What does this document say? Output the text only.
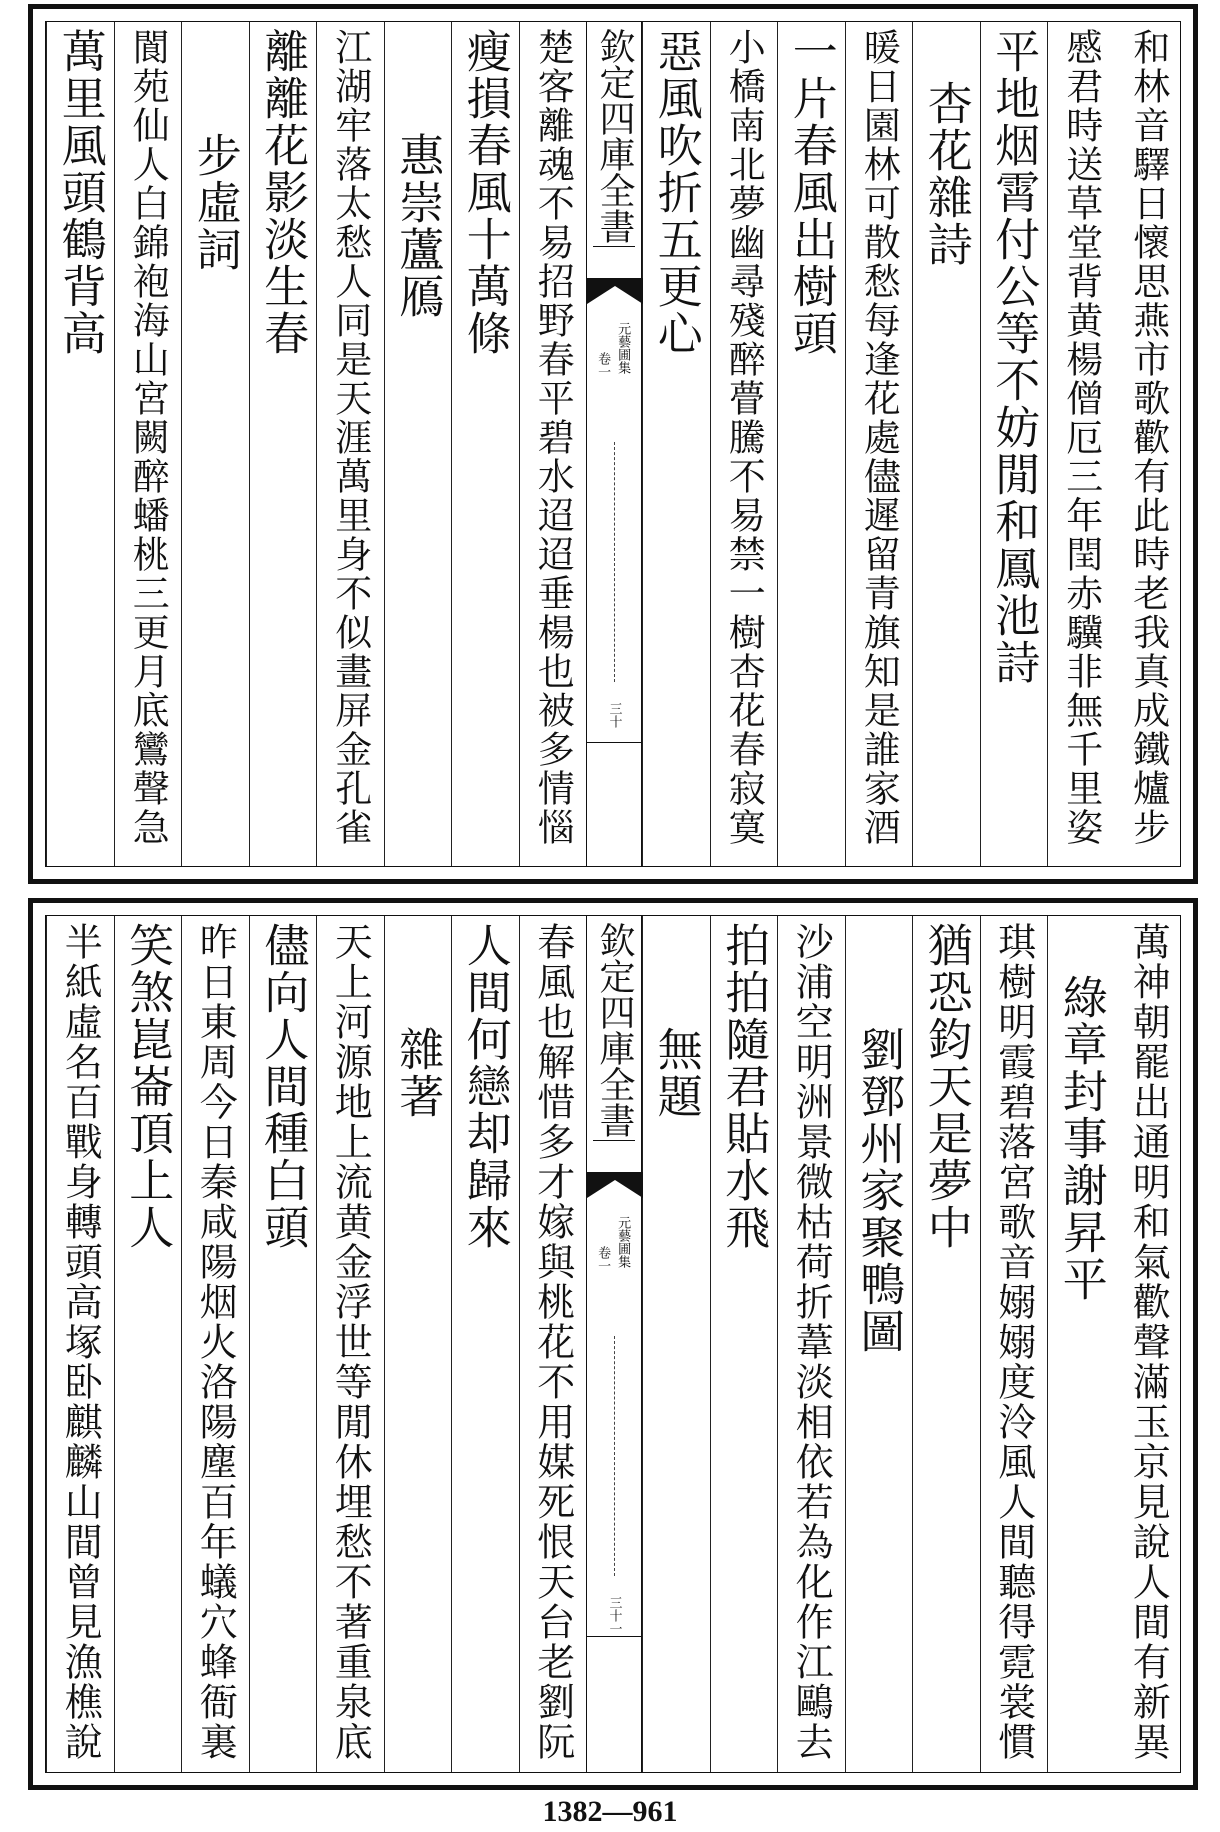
和林音驛日懷思燕市歌歡有此時老我真成鐵爐步
慼君時送草堂背黄楊僧厄三年閏赤驥非無千里姿
平地烟霄付公等不妨閒和鳳池詩
杏花雜詩
暖日園林可散愁每逢花處儘遲留青旗知是誰家酒
一片春風出樹頭
小橋南北夢幽尋殘醉瞢騰不易禁一樹杏花春寂寞
惡風吹折五更心
欽定四庫全書
元藝圃集
卷一
三十
楚客離魂不易招野春平碧水迢迢垂楊也被多情惱
瘦損春風十萬條
惠崇蘆鴈
江湖牢落太愁人同是天涯萬里身不似畫屏金孔雀
離離花影淡生春
步虛詞
閬苑仙人白錦袍海山宮闕醉蟠桃三更月底鸞聲急
萬里風頭鶴背高
萬神朝罷出通明和氣歡聲滿玉京見說人間有新異
綠章封事謝昇平
琪樹明霞碧落宮歌音嫋嫋度泠風人間聽得霓裳慣
猶恐鈞天是夢中
劉鄧州家聚鴨圖
沙浦空明洲景微枯荷折葦淡相依若為化作江鷗去
拍拍隨君貼水飛
無題
欽定四庫全書
元藝圃集
卷一
三十一
春風也解惜多才嫁與桃花不用媒死恨天台老劉阮
人間何戀却歸來
雜著
天上河源地上流黄金浮世等閒休埋愁不著重泉底
儘向人間種白頭
昨日東周今日秦咸陽烟火洛陽塵百年蟻穴蜂衙裏
笑煞崑崙頂上人
半紙虛名百戰身轉頭高塚卧麒麟山間曾見漁樵說
1382—961
